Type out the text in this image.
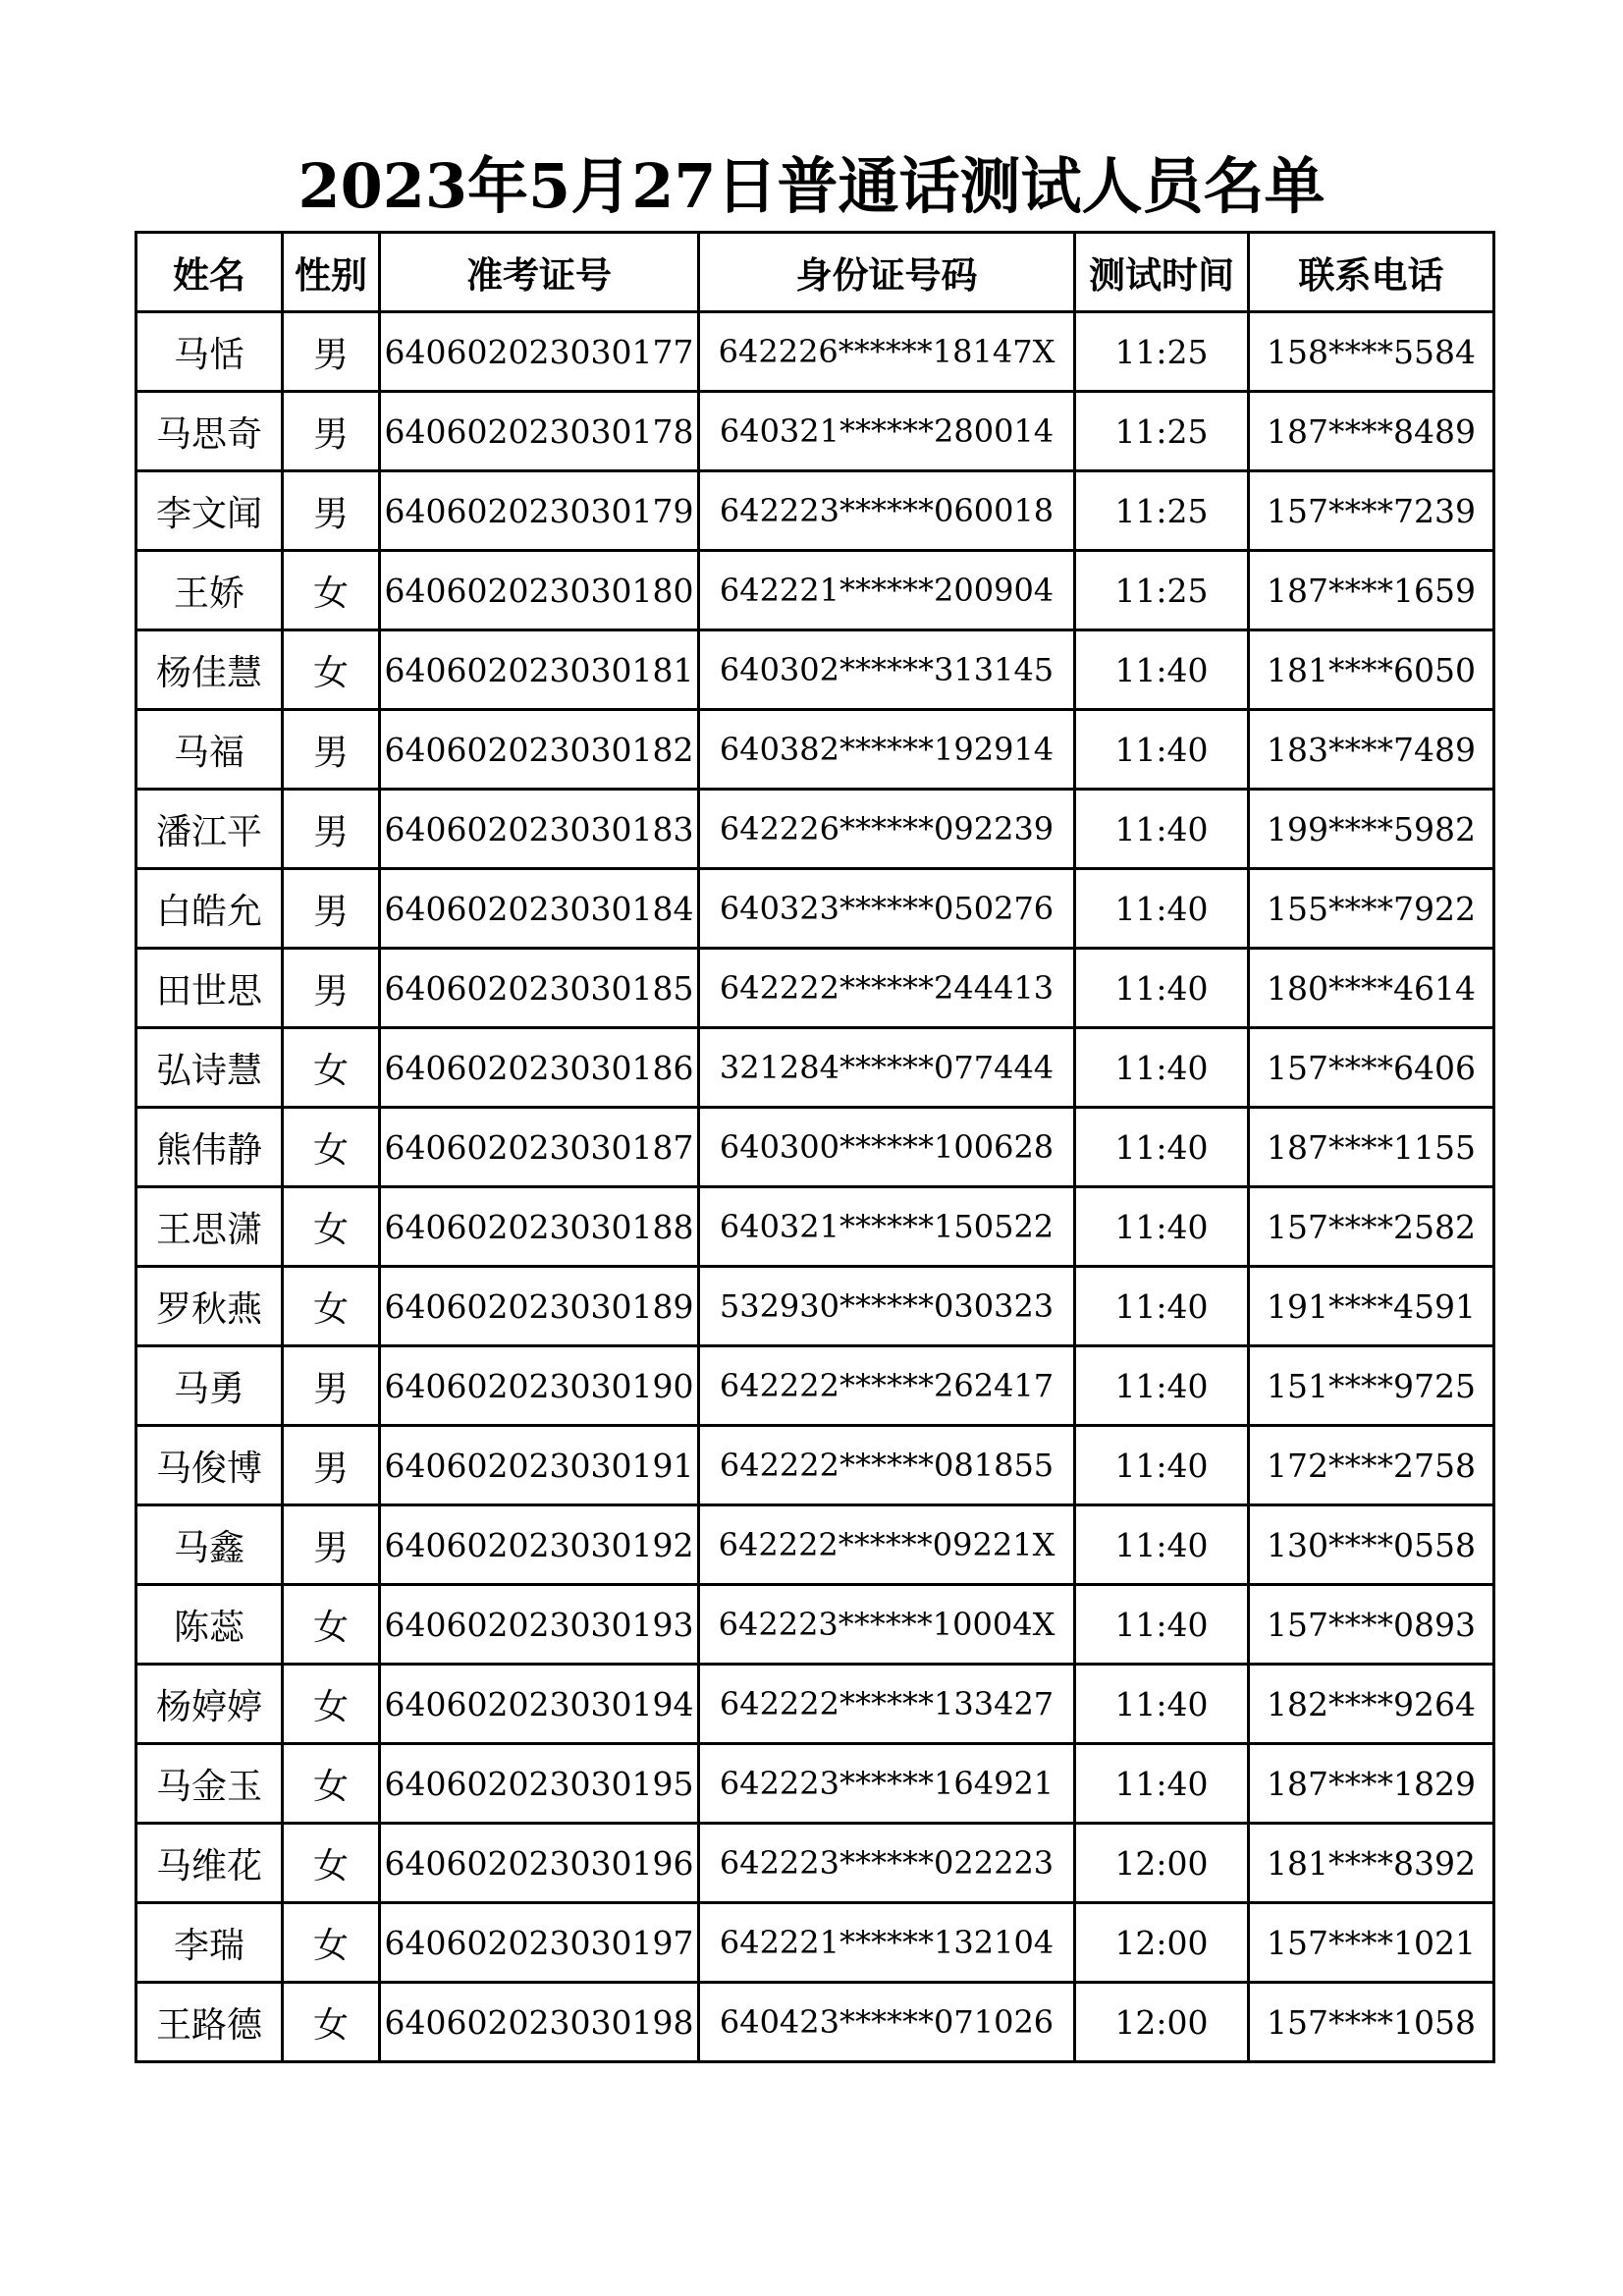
2023年5月27日普通话测试人员名单
姓名	性别	准考证号	身份证号码	测试时间	联系电话
马恬	男	640602023030177	642226******18147X	11:25	158****5584
马思奇	男	640602023030178	640321******280014	11:25	187****8489
李文闻	男	640602023030179	642223******060018	11:25	157****7239
王娇	女	640602023030180	642221******200904	11:25	187****1659
杨佳慧	女	640602023030181	640302******313145	11:40	181****6050
马福	男	640602023030182	640382******192914	11:40	183****7489
潘江平	男	640602023030183	642226******092239	11:40	199****5982
白皓允	男	640602023030184	640323******050276	11:40	155****7922
田世思	男	640602023030185	642222******244413	11:40	180****4614
弘诗慧	女	640602023030186	321284******077444	11:40	157****6406
熊伟静	女	640602023030187	640300******100628	11:40	187****1155
王思潇	女	640602023030188	640321******150522	11:40	157****2582
罗秋燕	女	640602023030189	532930******030323	11:40	191****4591
马勇	男	640602023030190	642222******262417	11:40	151****9725
马俊博	男	640602023030191	642222******081855	11:40	172****2758
马鑫	男	640602023030192	642222******09221X	11:40	130****0558
陈蕊	女	640602023030193	642223******10004X	11:40	157****0893
杨婷婷	女	640602023030194	642222******133427	11:40	182****9264
马金玉	女	640602023030195	642223******164921	11:40	187****1829
马维花	女	640602023030196	642223******022223	12:00	181****8392
李瑞	女	640602023030197	642221******132104	12:00	157****1021
王路德	女	640602023030198	640423******071026	12:00	157****1058
